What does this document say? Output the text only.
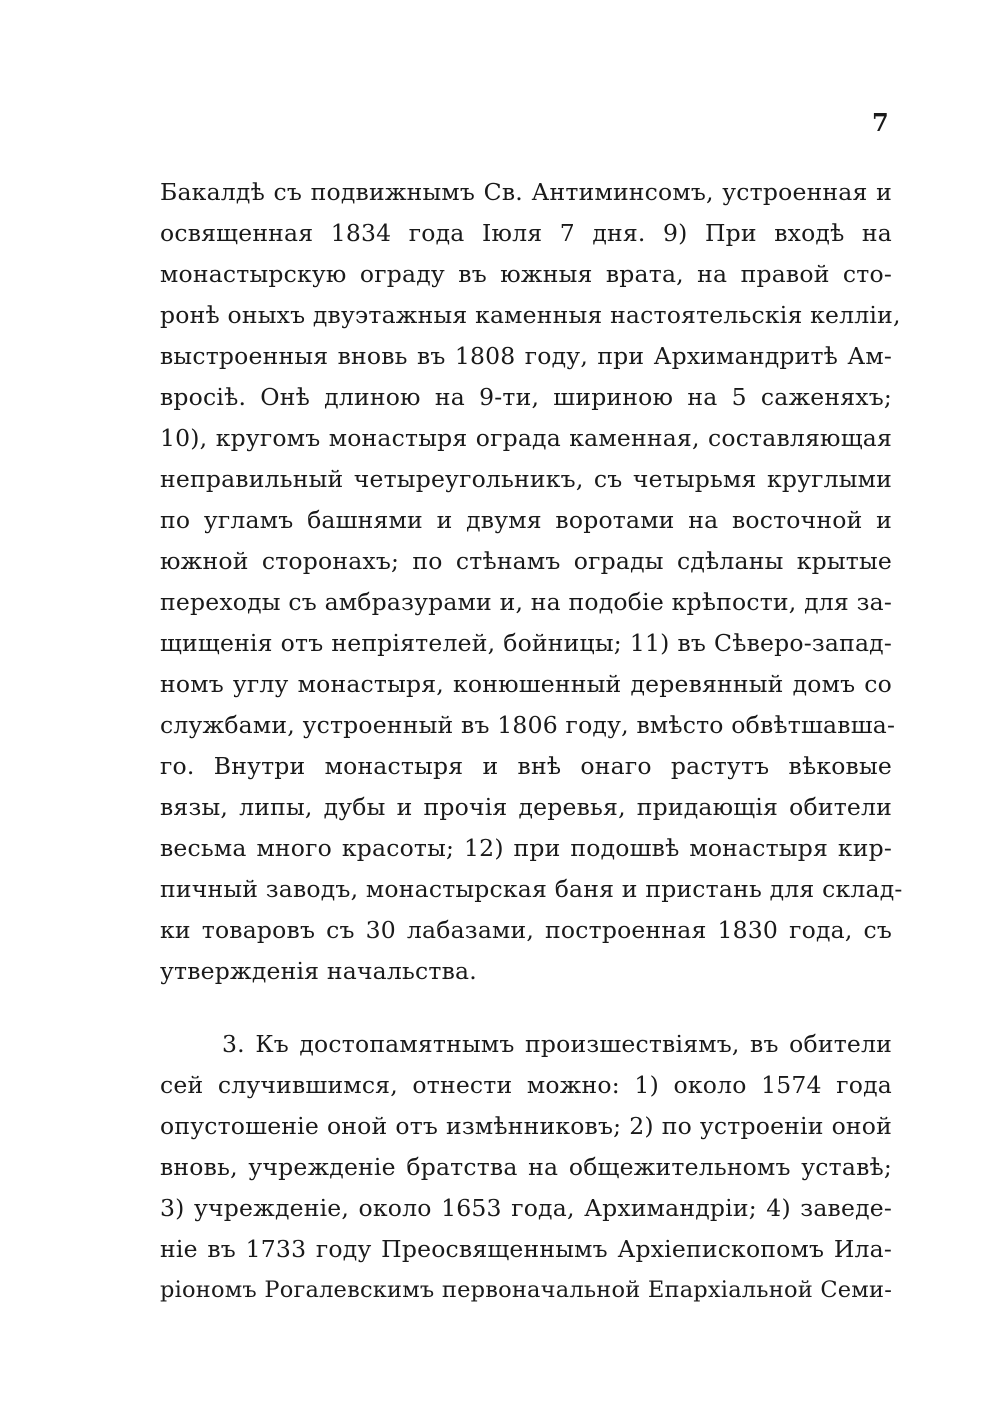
7
Бакалдѣ съ подвижнымъ Св. Антиминсомъ, устроенная и
освященная 1834 года Іюля 7 дня. 9) При входѣ на
монастырскую ограду въ южныя врата, на правой сто-
ронѣ оныхъ двуэтажныя каменныя настоятельскія келліи,
выстроенныя вновь въ 1808 году, при Архимандритѣ Ам-
вросіѣ. Онѣ длиною на 9-ти, шириною на 5 саженяхъ;
10), кругомъ монастыря ограда каменная, составляющая
неправильный четыреугольникъ, съ четырьмя круглыми
по угламъ башнями и двумя воротами на восточной и
южной сторонахъ; по стѣнамъ ограды сдѣланы крытые
переходы съ амбразурами и, на подобіе крѣпости, для за-
щищенія отъ непріятелей, бойницы; 11) въ Сѣверо-запад-
номъ углу монастыря, конюшенный деревянный домъ со
службами, устроенный въ 1806 году, вмѣсто обвѣтшавша-
го. Внутри монастыря и внѣ онаго растутъ вѣковые
вязы, липы, дубы и прочія деревья, придающія обители
весьма много красоты; 12) при подошвѣ монастыря кир-
пичный заводъ, монастырская баня и пристань для склад-
ки товаровъ съ 30 лабазами, построенная 1830 года, съ
утвержденія начальства.
3. Къ достопамятнымъ произшествіямъ, въ обители
сей случившимся, отнести можно: 1) около 1574 года
опустошеніе оной отъ измѣнниковъ; 2) по устроеніи оной
вновь, учрежденіе братства на общежительномъ уставѣ;
3) учрежденіе, около 1653 года, Архимандріи; 4) заведе-
ніе въ 1733 году Преосвященнымъ Архіепископомъ Ила-
ріономъ Рогалевскимъ первоначальной Епархіальной Семи-
